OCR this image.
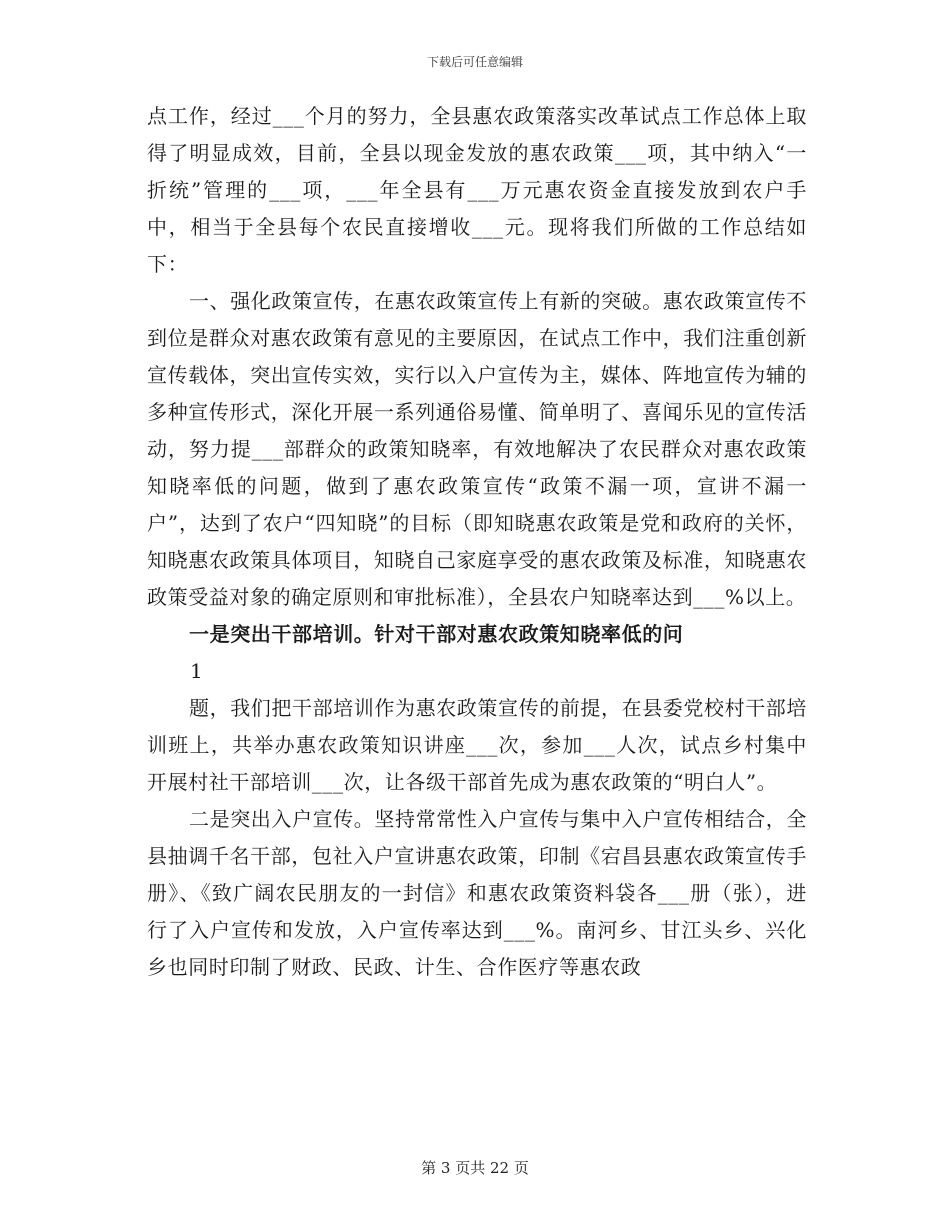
下载后可任意编辑

点工作，经过___个月的努力，全县惠农政策落实改革试点工作总体上取得了明显成效，目前，全县以现金发放的惠农政策___项，其中纳入“一折统”管理的___项，___年全县有___万元惠农资金直接发放到农户手中，相当于全县每个农民直接增收___元。现将我们所做的工作总结如下：

一、强化政策宣传，在惠农政策宣传上有新的突破。惠农政策宣传不到位是群众对惠农政策有意见的主要原因，在试点工作中，我们注重创新宣传载体，突出宣传实效，实行以入户宣传为主，媒体、阵地宣传为辅的多种宣传形式，深化开展一系列通俗易懂、简单明了、喜闻乐见的宣传活动，努力提___部群众的政策知晓率，有效地解决了农民群众对惠农政策知晓率低的问题，做到了惠农政策宣传“政策不漏一项，宣讲不漏一户”，达到了农户“四知晓”的目标（即知晓惠农政策是党和政府的关怀，知晓惠农政策具体项目，知晓自己家庭享受的惠农政策及标准，知晓惠农政策受益对象的确定原则和审批标准），全县农户知晓率达到___%以上。

一是突出干部培训。针对干部对惠农政策知晓率低的问

1

题，我们把干部培训作为惠农政策宣传的前提，在县委党校村干部培训班上，共举办惠农政策知识讲座___次，参加___人次，试点乡村集中开展村社干部培训___次，让各级干部首先成为惠农政策的“明白人”。

二是突出入户宣传。坚持常常性入户宣传与集中入户宣传相结合，全县抽调千名干部，包社入户宣讲惠农政策，印制《宕昌县惠农政策宣传手册》、《致广阔农民朋友的一封信》和惠农政策资料袋各___册（张），进行了入户宣传和发放，入户宣传率达到___%。南河乡、甘江头乡、兴化乡也同时印制了财政、民政、计生、合作医疗等惠农政

第 3 页共 22 页
